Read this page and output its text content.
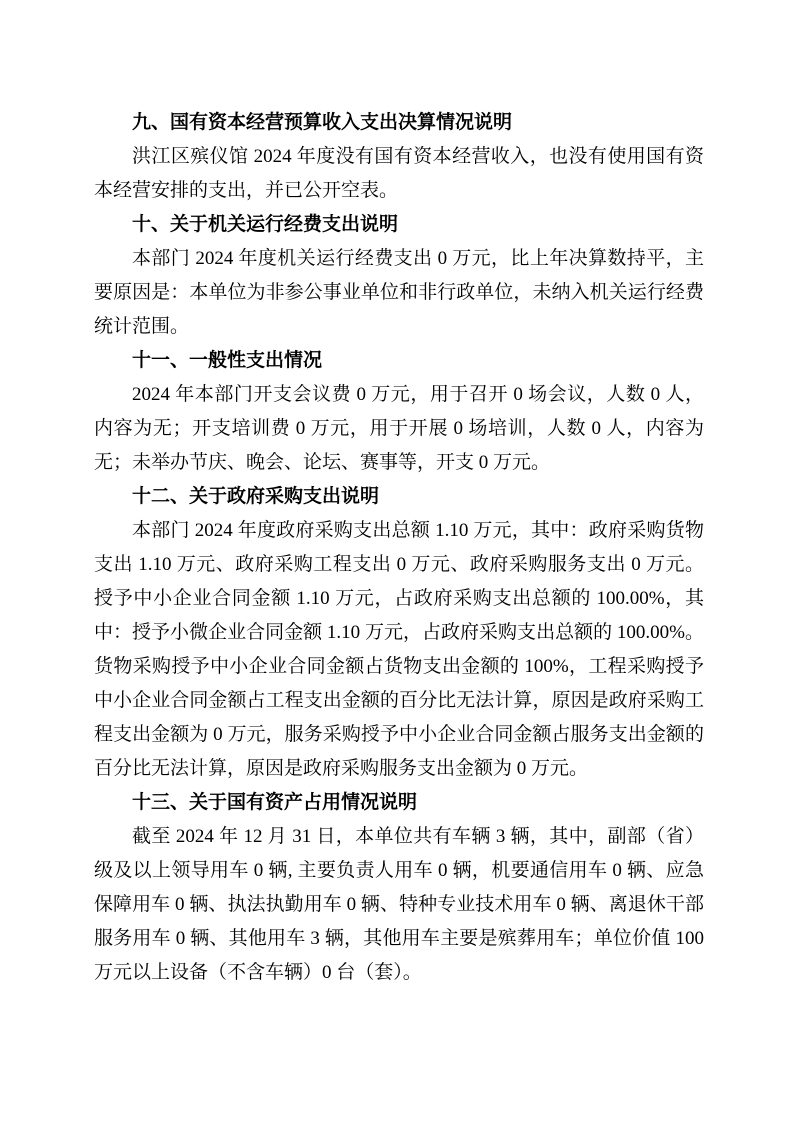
九、国有资本经营预算收入支出决算情况说明

洪江区殡仪馆 2024 年度没有国有资本经营收入，也没有使用国有资本经营安排的支出，并已公开空表。

十、关于机关运行经费支出说明

本部门 2024 年度机关运行经费支出 0 万元，比上年决算数持平，主要原因是：本单位为非参公事业单位和非行政单位，未纳入机关运行经费统计范围。

十一、一般性支出情况

2024 年本部门开支会议费 0 万元，用于召开 0 场会议，人数 0 人，内容为无；开支培训费 0 万元，用于开展 0 场培训，人数 0 人，内容为无；未举办节庆、晚会、论坛、赛事等，开支 0 万元。

十二、关于政府采购支出说明

本部门 2024 年度政府采购支出总额 1.10 万元，其中：政府采购货物支出 1.10 万元、政府采购工程支出 0 万元、政府采购服务支出 0 万元。授予中小企业合同金额 1.10 万元，占政府采购支出总额的 100.00%，其中：授予小微企业合同金额 1.10 万元，占政府采购支出总额的 100.00%。货物采购授予中小企业合同金额占货物支出金额的 100%，工程采购授予中小企业合同金额占工程支出金额的百分比无法计算，原因是政府采购工程支出金额为 0 万元，服务采购授予中小企业合同金额占服务支出金额的百分比无法计算，原因是政府采购服务支出金额为 0 万元。

十三、关于国有资产占用情况说明

截至 2024 年 12 月 31 日，本单位共有车辆 3 辆，其中，副部（省）级及以上领导用车 0 辆, 主要负责人用车 0 辆，机要通信用车 0 辆、应急保障用车 0 辆、执法执勤用车 0 辆、特种专业技术用车 0 辆、离退休干部服务用车 0 辆、其他用车 3 辆，其他用车主要是殡葬用车；单位价值 100 万元以上设备（不含车辆）0 台（套）。
